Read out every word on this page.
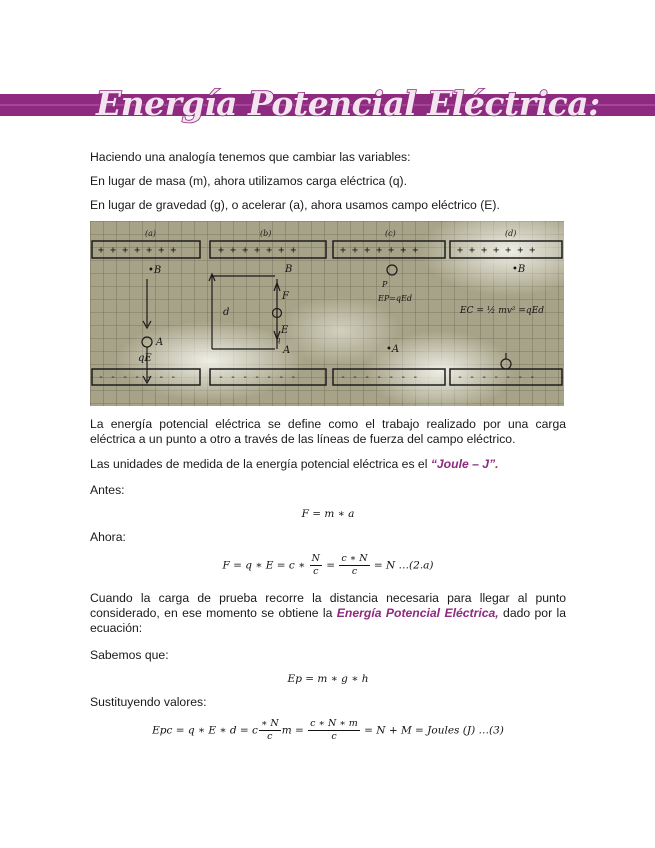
Energía Potencial Eléctrica:

Haciendo una analogía tenemos que cambiar las variables:

En lugar de masa (m), ahora utilizamos carga eléctrica (q).

En lugar de gravedad (g), o acelerar (a), ahora usamos campo eléctrico (E).

+ + + + + + +	+ + + + + + +	+ + + + + + +	+ + + + + + +
- - - - - - -	- - - - - - -	- - - - - - -	- - - - - - -
(a)	(b)	(c)	(d)
•B
A
qE
B
F
E
q
A
d
P
EP=qEd
•A
•B
EC = ½ mv² =qEd

La energía potencial eléctrica se define como el trabajo realizado por una carga eléctrica a un punto a otro a través de las líneas de fuerza del campo eléctrico.

Las unidades de medida de la energía potencial eléctrica es el “Joule – J”.

Antes:

F = m ∗ a

Ahora:

F = q ∗ E = c ∗ $\frac{N}{c} = \frac{c ∗ N}{c} = N$ …(2.a)

Cuando la carga de prueba recorre la distancia necesaria para llegar al punto considerado, en ese momento se obtiene la Energía Potencial Eléctrica, dado por la ecuación:

Sabemos que:

Ep = m ∗ g ∗ h

Sustituyendo valores:

Epc = q ∗ E ∗ d = c $\frac{∗ N}{c}$ $m = \frac{c ∗ N ∗ m}{c} = N + M$ = Joules (J) …(3)
